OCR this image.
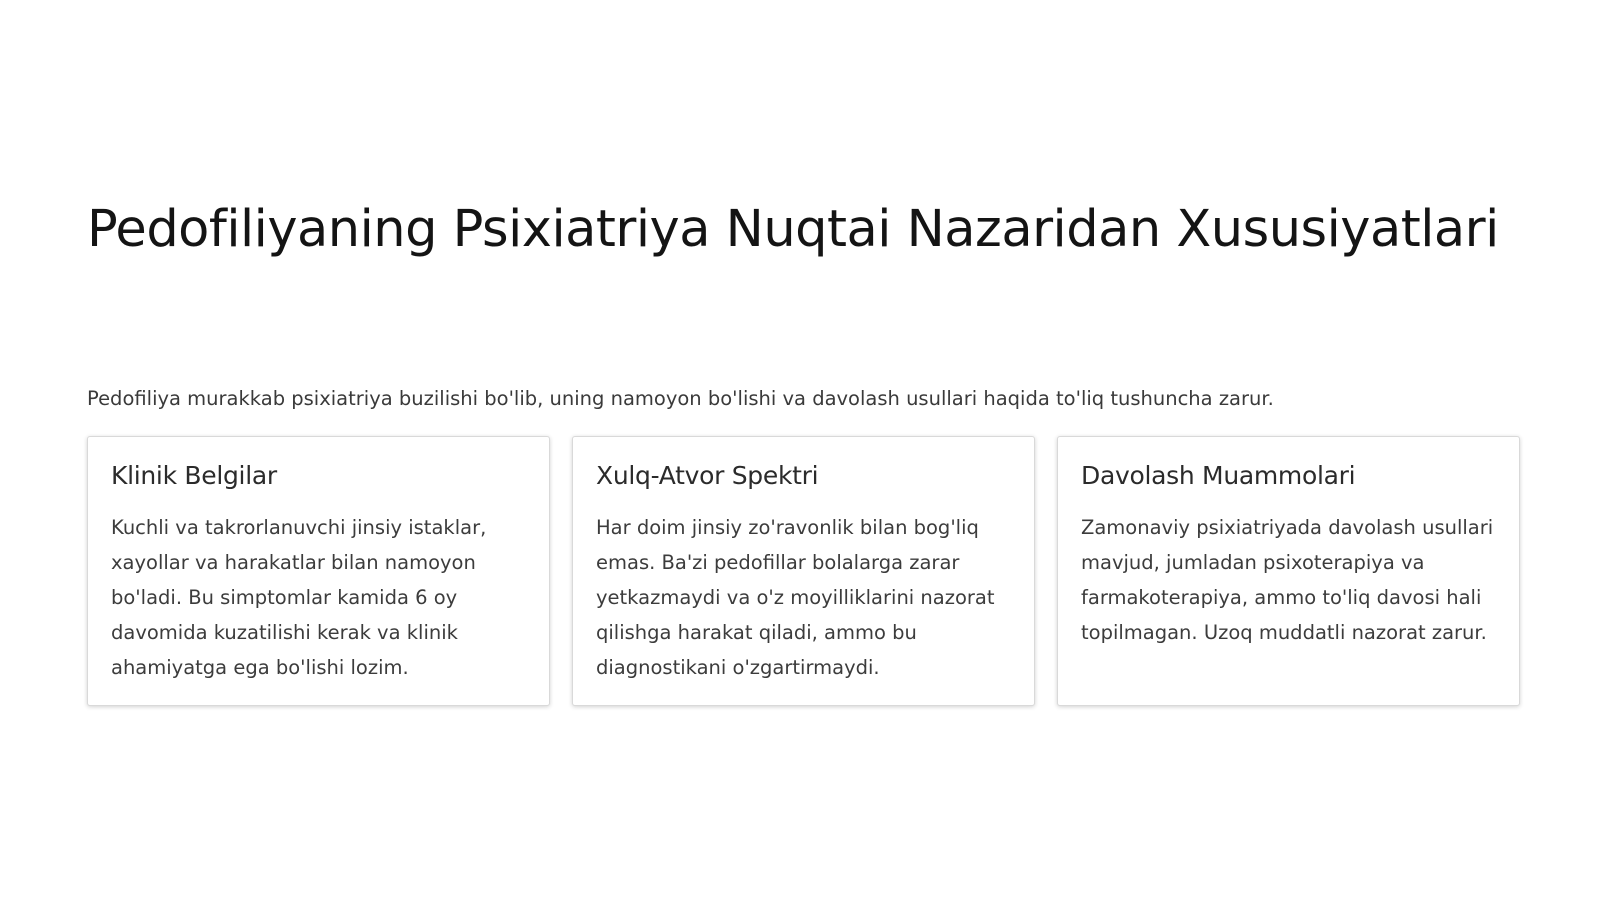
Pedofiliyaning Psixiatriya Nuqtai Nazaridan Xususiyatlari

Pedofiliya murakkab psixiatriya buzilishi bo'lib, uning namoyon bo'lishi va davolash usullari haqida to'liq tushuncha zarur.

Klinik Belgilar

Kuchli va takrorlanuvchi jinsiy istaklar, xayollar va harakatlar bilan namoyon bo'ladi. Bu simptomlar kamida 6 oy davomida kuzatilishi kerak va klinik ahamiyatga ega bo'lishi lozim.

Xulq-Atvor Spektri

Har doim jinsiy zo'ravonlik bilan bog'liq emas. Ba'zi pedofillar bolalarga zarar yetkazmaydi va o'z moyilliklarini nazorat qilishga harakat qiladi, ammo bu diagnostikani o'zgartirmaydi.

Davolash Muammolari

Zamonaviy psixiatriyada davolash usullari mavjud, jumladan psixoterapiya va farmakoterapiya, ammo to'liq davosi hali topilmagan. Uzoq muddatli nazorat zarur.
